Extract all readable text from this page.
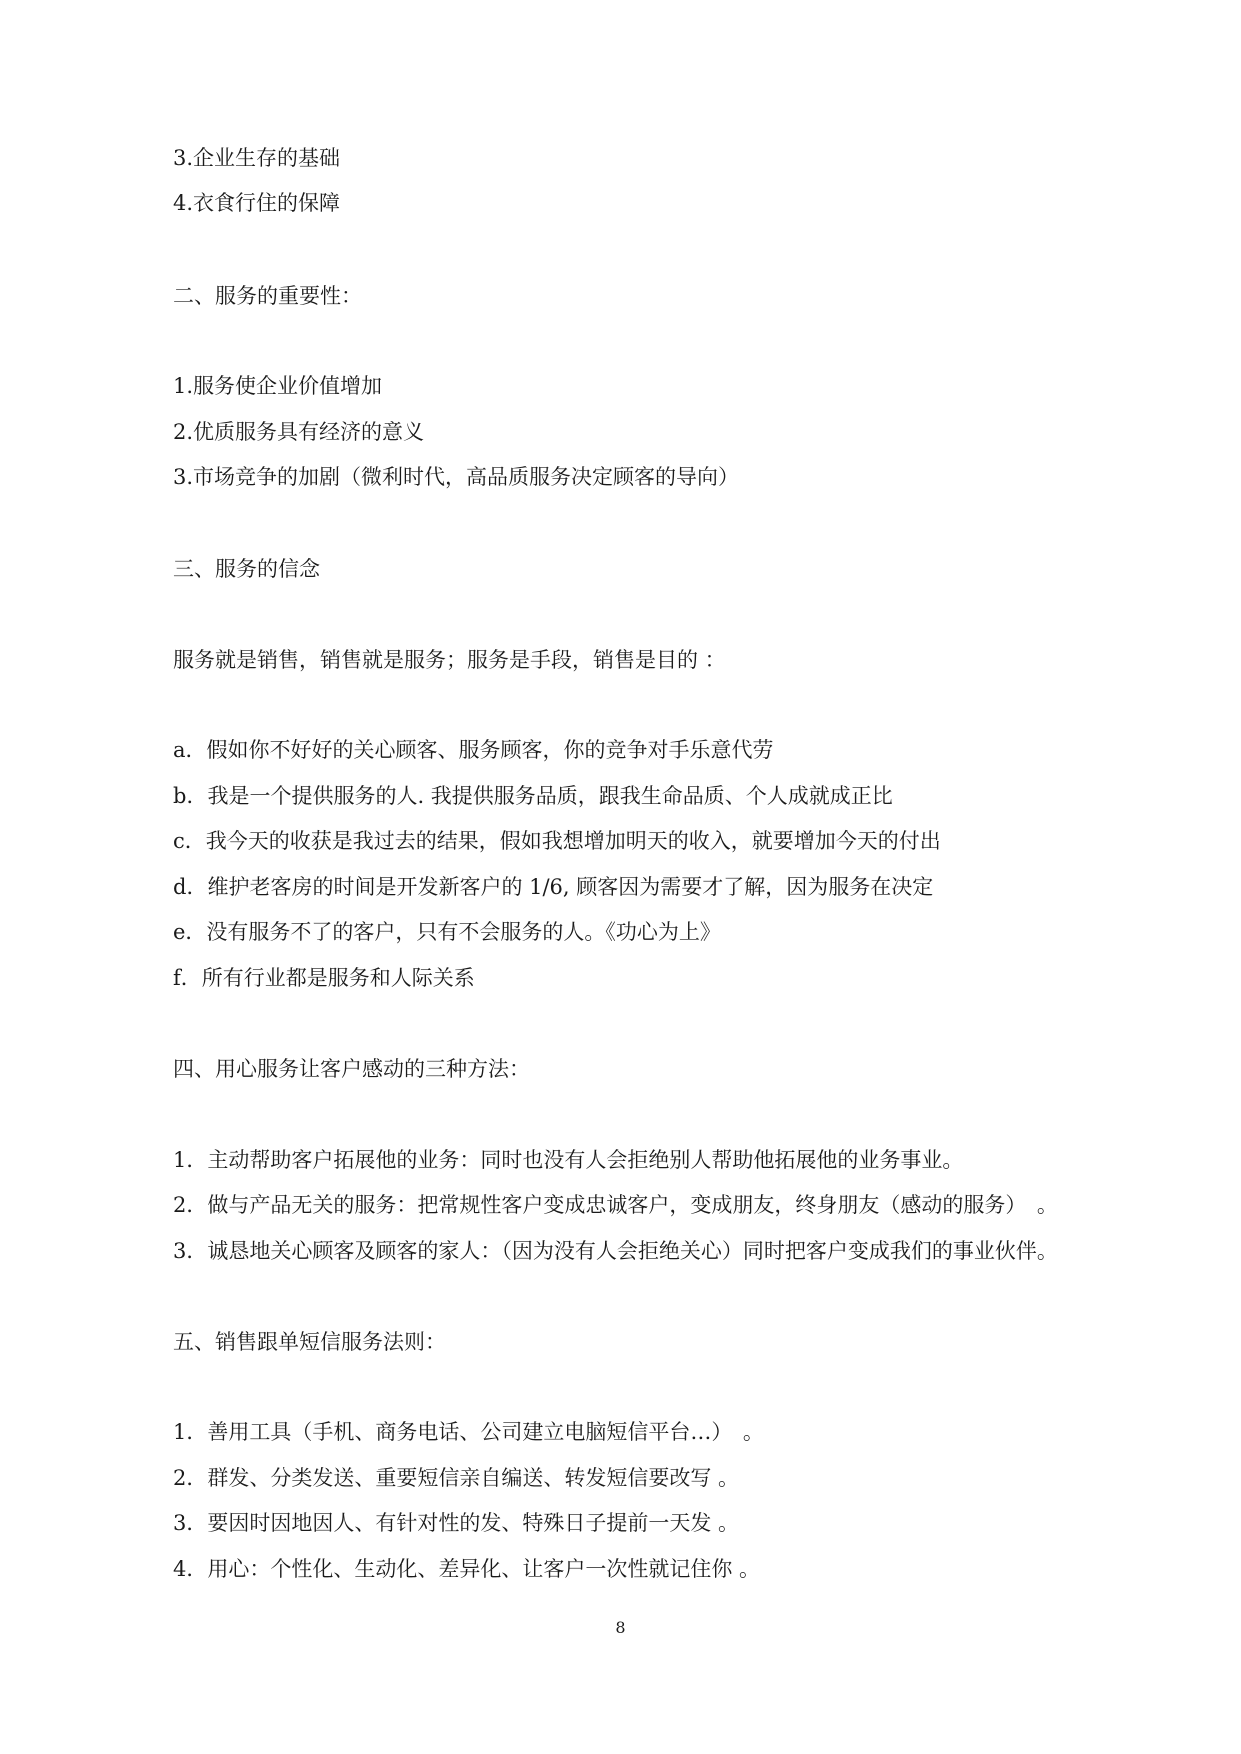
3.企业生存的基础

4.衣食行住的保障

二、服务的重要性：

1.服务使企业价值增加

2.优质服务具有经济的意义

3.市场竞争的加剧（微利时代，高品质服务决定顾客的导向）

三、服务的信念

服务就是销售，销售就是服务；服务是手段，销售是目的 ：

a．假如你不好好的关心顾客、服务顾客，你的竞争对手乐意代劳

b．我是一个提供服务的人. 我提供服务品质，跟我生命品质、个人成就成正比

c．我今天的收获是我过去的结果，假如我想增加明天的收入，就要增加今天的付出

d．维护老客房的时间是开发新客户的 1/6, 顾客因为需要才了解，因为服务在决定

e．没有服务不了的客户，只有不会服务的人。《功心为上》

f．所有行业都是服务和人际关系

四、用心服务让客户感动的三种方法：

1．主动帮助客户拓展他的业务：同时也没有人会拒绝别人帮助他拓展他的业务事业。

2．做与产品无关的服务：把常规性客户变成忠诚客户，变成朋友，终身朋友（感动的服务）　。

3．诚恳地关心顾客及顾客的家人：（因为没有人会拒绝关心）同时把客户变成我们的事业伙伴。

五、销售跟单短信服务法则：

1．善用工具（手机、商务电话、公司建立电脑短信平台…）　。

2．群发、分类发送、重要短信亲自编送、转发短信要改写 。

3．要因时因地因人、有针对性的发、特殊日子提前一天发 。

4．用心：个性化、生动化、差异化、让客户一次性就记住你 。

8
